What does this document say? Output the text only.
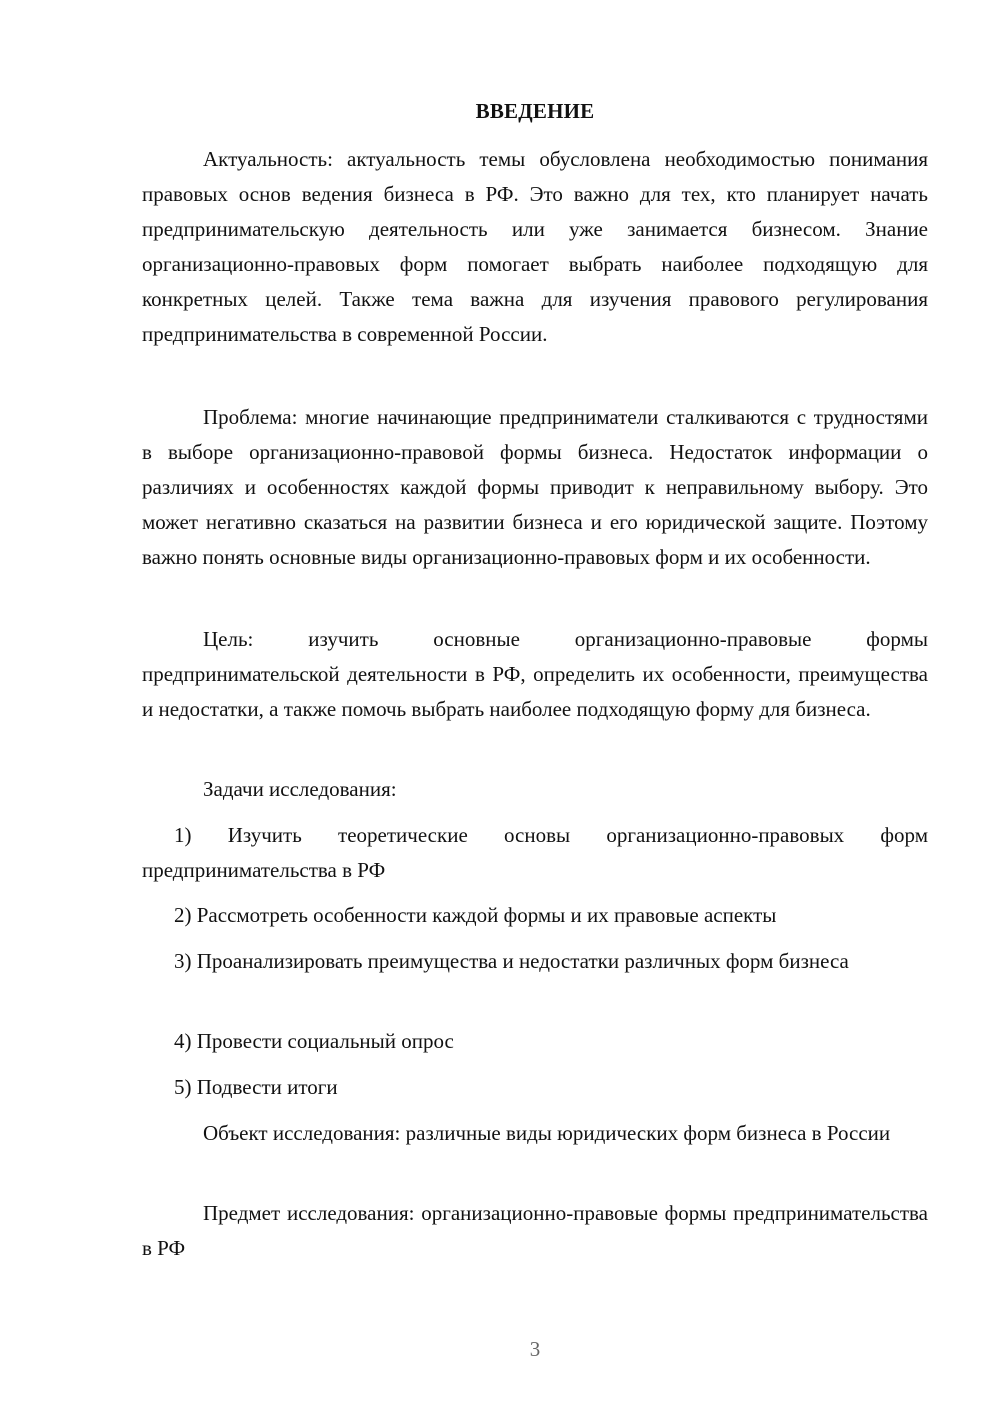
ВВЕДЕНИЕ

Актуальность: актуальность темы обусловлена необходимостью понимания правовых основ ведения бизнеса в РФ. Это важно для тех, кто планирует начать предпринимательскую деятельность или уже занимается бизнесом. Знание организационно-правовых форм помогает выбрать наиболее подходящую для конкретных целей. Также тема важна для изучения правового регулирования предпринимательства в современной России.

Проблема: многие начинающие предприниматели сталкиваются с трудностями в выборе организационно-правовой формы бизнеса. Недостаток информации о различиях и особенностях каждой формы приводит к неправильному выбору. Это может негативно сказаться на развитии бизнеса и его юридической защите. Поэтому важно понять основные виды организационно-правовых форм и их особенности.

Цель: изучить основные организационно-правовые формы предпринимательской деятельности в РФ, определить их особенности, преимущества и недостатки, а также помочь выбрать наиболее подходящую форму для бизнеса.

Задачи исследования:

1) Изучить теоретические основы организационно-правовых форм предпринимательства в РФ

2) Рассмотреть особенности каждой формы и их правовые аспекты

3) Проанализировать преимущества и недостатки различных форм бизнеса

4) Провести социальный опрос

5) Подвести итоги

Объект исследования: различные виды юридических форм бизнеса в России

Предмет исследования: организационно-правовые формы предпринимательства в РФ

3
